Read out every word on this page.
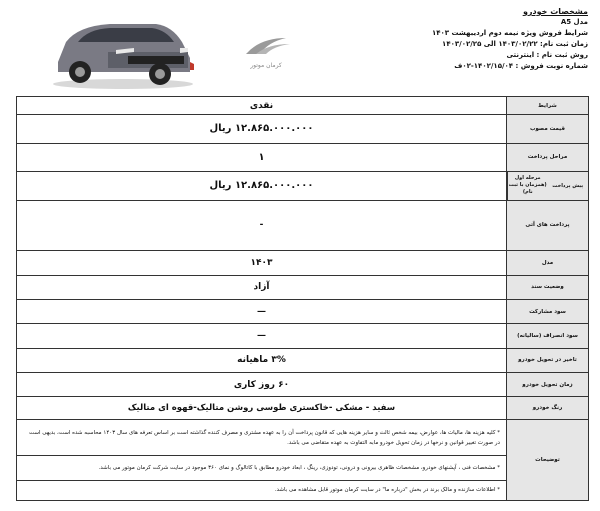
کرمان موتور
مشخصات خودرو
مدل A5
شرایط فروش ویژه نیمه دوم اردیبهشت ۱۴۰۳
زمان ثبت نام: ۱۴۰۳/۰۲/۲۲ الی ۱۴۰۳/۰۲/۲۵
روش ثبت نام : اینترنتی
شماره نوبت فروش : ۱۴۰۲/۱۵/۰۴-۰۲ف
شرایط	نقدی
قیمت مصوب	۱۲.۸۶۵.۰۰۰.۰۰۰ ریال
مراحل پرداخت	۱

پیش پرداخت
مرحله اول (همزمان با ثبت نام)	۱۲.۸۶۵.۰۰۰.۰۰۰ ریال
پرداخت های آتی	-
مدل	۱۴۰۳
وضعیت سند	آزاد
سود مشارکت	—
سود انصراف (سالیانه)	—
تاخیر در تحویل خودرو	۳% ماهیانه
زمان تحویل خودرو	۶۰ روز کاری
رنگ خودرو	سفید - مشکی -خاکستری طوسی روشن متالیک-قهوه ای متالیک
توضیحات	* کلیه هزینه ها، مالیات ها، عوارض، بیمه شخص ثالث و سایر هزینه هایی که قانون پرداخت آن را به عهده مشتری و مصرف کننده گذاشته است بر اساس تعرفه های سال ۱۴۰۳ محاسبه شده است، بدیهی است در صورت تغییر قوانین و نرخها در زمان تحویل خودرو مابه التفاوت به عهده متقاضی می باشد.
	* مشخصات فنی ، آپشنهای خودرو، مشخصات ظاهری بیرونی و درونی، تودوزی، رینگ ، ابعاد خودرو مطابق با کاتالوگ و نمای ۳۶۰ موجود در سایت شرکت کرمان موتور می باشد.
	* اطلاعات سازنده و مالک برند در بخش "درباره ما" در سایت کرمان موتور قابل مشاهده می باشد.
